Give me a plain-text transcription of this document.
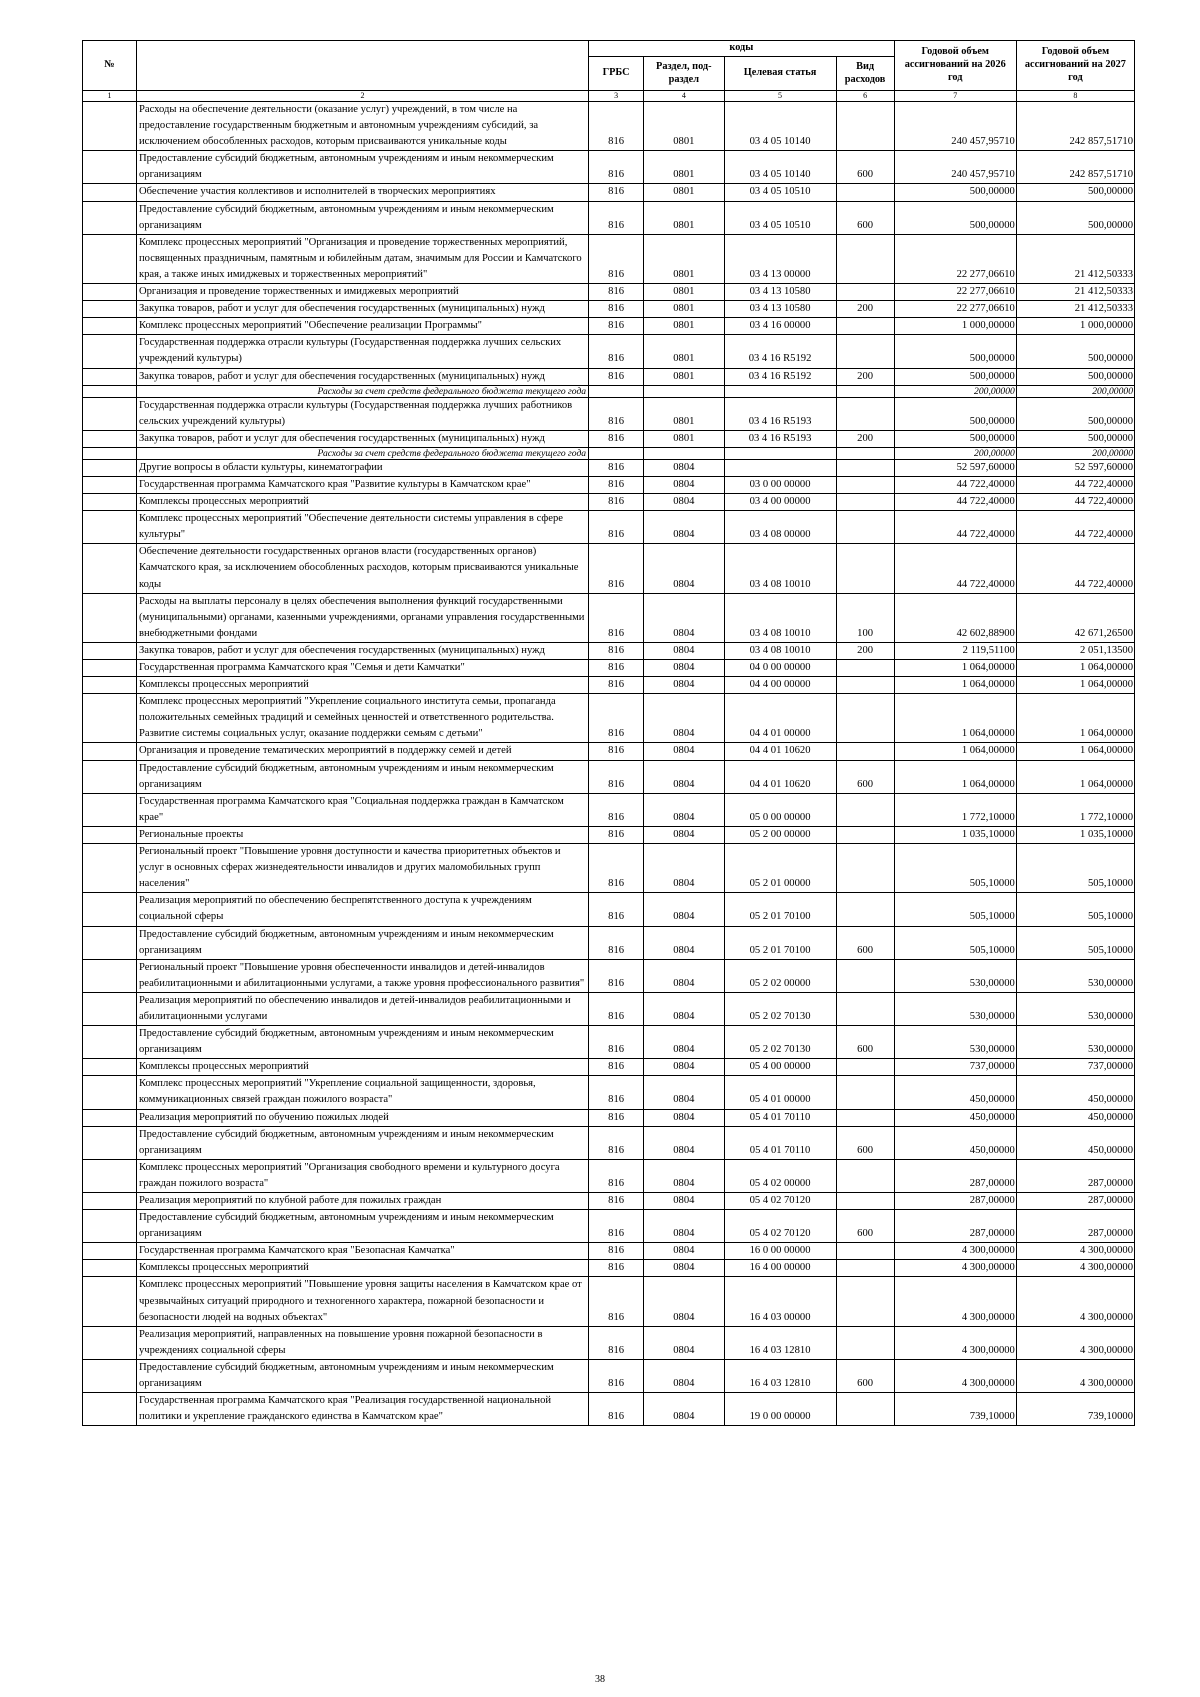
№		коды				Годовой объем ассигнований на 2026 год	Годовой объем ассигнований на 2027 год
		ГРБС	Раздел, под-раздел	Целевая статья	Вид расходов		
1	2	3	4	5	6	7	8
	Расходы на обеспечение деятельности (оказание услуг) учреждений, в том числе на предоставление государственным бюджетным и автономным учреждениям субсидий, за исключением обособленных расходов, которым присваиваются уникальные коды	816	0801	03 4 05 10140		240 457,95710	242 857,51710
	Предоставление субсидий бюджетным, автономным учреждениям и иным некоммерческим организациям	816	0801	03 4 05 10140	600	240 457,95710	242 857,51710
	Обеспечение участия коллективов и исполнителей в творческих мероприятиях	816	0801	03 4 05 10510		500,00000	500,00000
	Предоставление субсидий бюджетным, автономным учреждениям и иным некоммерческим организациям	816	0801	03 4 05 10510	600	500,00000	500,00000
	Комплекс процессных мероприятий "Организация и проведение торжественных мероприятий, посвященных праздничным, памятным и юбилейным датам, значимым для России и Камчатского края, а также иных имиджевых и торжественных мероприятий"	816	0801	03 4 13 00000		22 277,06610	21 412,50333
	Организация и проведение торжественных и имиджевых мероприятий	816	0801	03 4 13 10580		22 277,06610	21 412,50333
	Закупка товаров, работ и услуг для обеспечения государственных (муниципальных) нужд	816	0801	03 4 13 10580	200	22 277,06610	21 412,50333
	Комплекс процессных мероприятий "Обеспечение реализации Программы"	816	0801	03 4 16 00000		1 000,00000	1 000,00000
	Государственная поддержка отрасли культуры (Государственная поддержка лучших сельских учреждений культуры)	816	0801	03 4 16 R5192		500,00000	500,00000
	Закупка товаров, работ и услуг для обеспечения государственных (муниципальных) нужд	816	0801	03 4 16 R5192	200	500,00000	500,00000
	Расходы за счет средств федерального бюджета текущего года					200,00000	200,00000
	Государственная поддержка отрасли культуры (Государственная поддержка лучших работников сельских учреждений культуры)	816	0801	03 4 16 R5193		500,00000	500,00000
	Закупка товаров, работ и услуг для обеспечения государственных (муниципальных) нужд	816	0801	03 4 16 R5193	200	500,00000	500,00000
	Расходы за счет средств федерального бюджета текущего года					200,00000	200,00000
	Другие вопросы в области культуры, кинематографии	816	0804			52 597,60000	52 597,60000
	Государственная программа Камчатского края "Развитие культуры в Камчатском крае"	816	0804	03 0 00 00000		44 722,40000	44 722,40000
	Комплексы процессных мероприятий	816	0804	03 4 00 00000		44 722,40000	44 722,40000
	Комплекс процессных мероприятий "Обеспечение деятельности системы управления в сфере культуры"	816	0804	03 4 08 00000		44 722,40000	44 722,40000
	Обеспечение деятельности государственных органов власти (государственных органов) Камчатского края, за исключением обособленных расходов, которым присваиваются уникальные коды	816	0804	03 4 08 10010		44 722,40000	44 722,40000
	Расходы на выплаты персоналу в целях обеспечения выполнения функций государственными (муниципальными) органами, казенными учреждениями, органами управления государственными внебюджетными фондами	816	0804	03 4 08 10010	100	42 602,88900	42 671,26500
	Закупка товаров, работ и услуг для обеспечения государственных (муниципальных) нужд	816	0804	03 4 08 10010	200	2 119,51100	2 051,13500
	Государственная программа Камчатского края "Семья и дети Камчатки"	816	0804	04 0 00 00000		1 064,00000	1 064,00000
	Комплексы процессных мероприятий	816	0804	04 4 00 00000		1 064,00000	1 064,00000
	Комплекс процессных мероприятий "Укрепление социального института семьи, пропаганда положительных семейных традиций и семейных ценностей и ответственного родительства. Развитие системы социальных услуг, оказание поддержки семьям с детьми"	816	0804	04 4 01 00000		1 064,00000	1 064,00000
	Организация и проведение тематических мероприятий в поддержку семей и детей	816	0804	04 4 01 10620		1 064,00000	1 064,00000
	Предоставление субсидий бюджетным, автономным учреждениям и иным некоммерческим организациям	816	0804	04 4 01 10620	600	1 064,00000	1 064,00000
	Государственная программа Камчатского края "Социальная поддержка граждан в Камчатском крае"	816	0804	05 0 00 00000		1 772,10000	1 772,10000
	Региональные проекты	816	0804	05 2 00 00000		1 035,10000	1 035,10000
	Региональный проект "Повышение уровня доступности и качества приоритетных объектов и услуг в основных сферах жизнедеятельности инвалидов и других маломобильных групп населения"	816	0804	05 2 01 00000		505,10000	505,10000
	Реализация мероприятий по обеспечению беспрепятственного доступа к учреждениям социальной сферы	816	0804	05 2 01 70100		505,10000	505,10000
	Предоставление субсидий бюджетным, автономным учреждениям и иным некоммерческим организациям	816	0804	05 2 01 70100	600	505,10000	505,10000
	Региональный проект "Повышение уровня обеспеченности инвалидов и детей-инвалидов реабилитационными и абилитационными услугами, а также уровня профессионального развития"	816	0804	05 2 02 00000		530,00000	530,00000
	Реализация мероприятий по обеспечению инвалидов и детей-инвалидов реабилитационными и абилитационными услугами	816	0804	05 2 02 70130		530,00000	530,00000
	Предоставление субсидий бюджетным, автономным учреждениям и иным некоммерческим организациям	816	0804	05 2 02 70130	600	530,00000	530,00000
	Комплексы процессных мероприятий	816	0804	05 4 00 00000		737,00000	737,00000
	Комплекс процессных мероприятий "Укрепление социальной защищенности, здоровья, коммуникационных связей граждан пожилого возраста"	816	0804	05 4 01 00000		450,00000	450,00000
	Реализация мероприятий по обучению пожилых людей	816	0804	05 4 01 70110		450,00000	450,00000
	Предоставление субсидий бюджетным, автономным учреждениям и иным некоммерческим организациям	816	0804	05 4 01 70110	600	450,00000	450,00000
	Комплекс процессных мероприятий "Организация свободного времени и культурного досуга граждан пожилого возраста"	816	0804	05 4 02 00000		287,00000	287,00000
	Реализация мероприятий по клубной работе для пожилых граждан	816	0804	05 4 02 70120		287,00000	287,00000
	Предоставление субсидий бюджетным, автономным учреждениям и иным некоммерческим организациям	816	0804	05 4 02 70120	600	287,00000	287,00000
	Государственная программа Камчатского края "Безопасная Камчатка"	816	0804	16 0 00 00000		4 300,00000	4 300,00000
	Комплексы процессных мероприятий	816	0804	16 4 00 00000		4 300,00000	4 300,00000
	Комплекс процессных мероприятий "Повышение уровня защиты населения в Камчатском крае от чрезвычайных ситуаций природного и техногенного характера, пожарной безопасности и безопасности людей на водных объектах"	816	0804	16 4 03 00000		4 300,00000	4 300,00000
	Реализация мероприятий, направленных на повышение уровня пожарной безопасности в учреждениях социальной сферы	816	0804	16 4 03 12810		4 300,00000	4 300,00000
	Предоставление субсидий бюджетным, автономным учреждениям и иным некоммерческим организациям	816	0804	16 4 03 12810	600	4 300,00000	4 300,00000
	Государственная программа Камчатского края "Реализация государственной национальной политики и укрепление гражданского единства в Камчатском крае"	816	0804	19 0 00 00000		739,10000	739,10000
38
